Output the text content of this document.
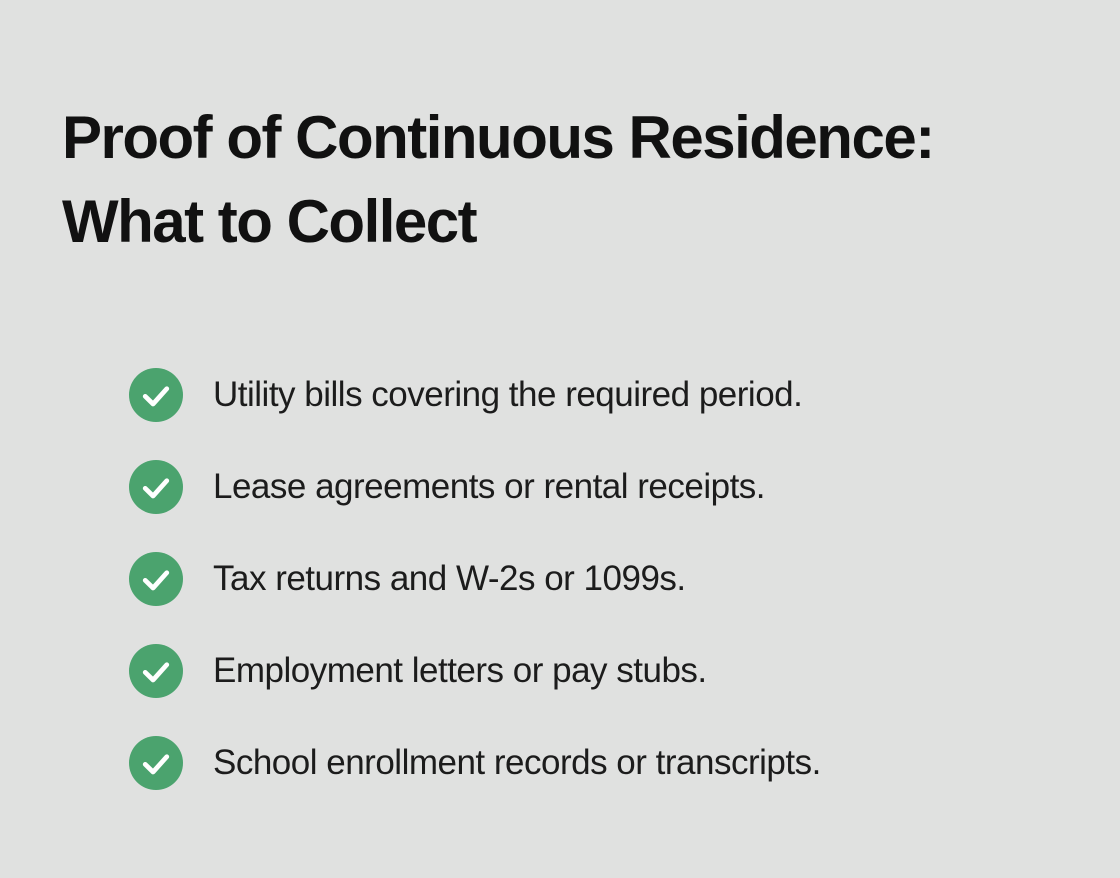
Proof of Continuous Residence:
What to Collect
Utility bills covering the required period.
Lease agreements or rental receipts.
Tax returns and W-2s or 1099s.
Employment letters or pay stubs.
School enrollment records or transcripts.
